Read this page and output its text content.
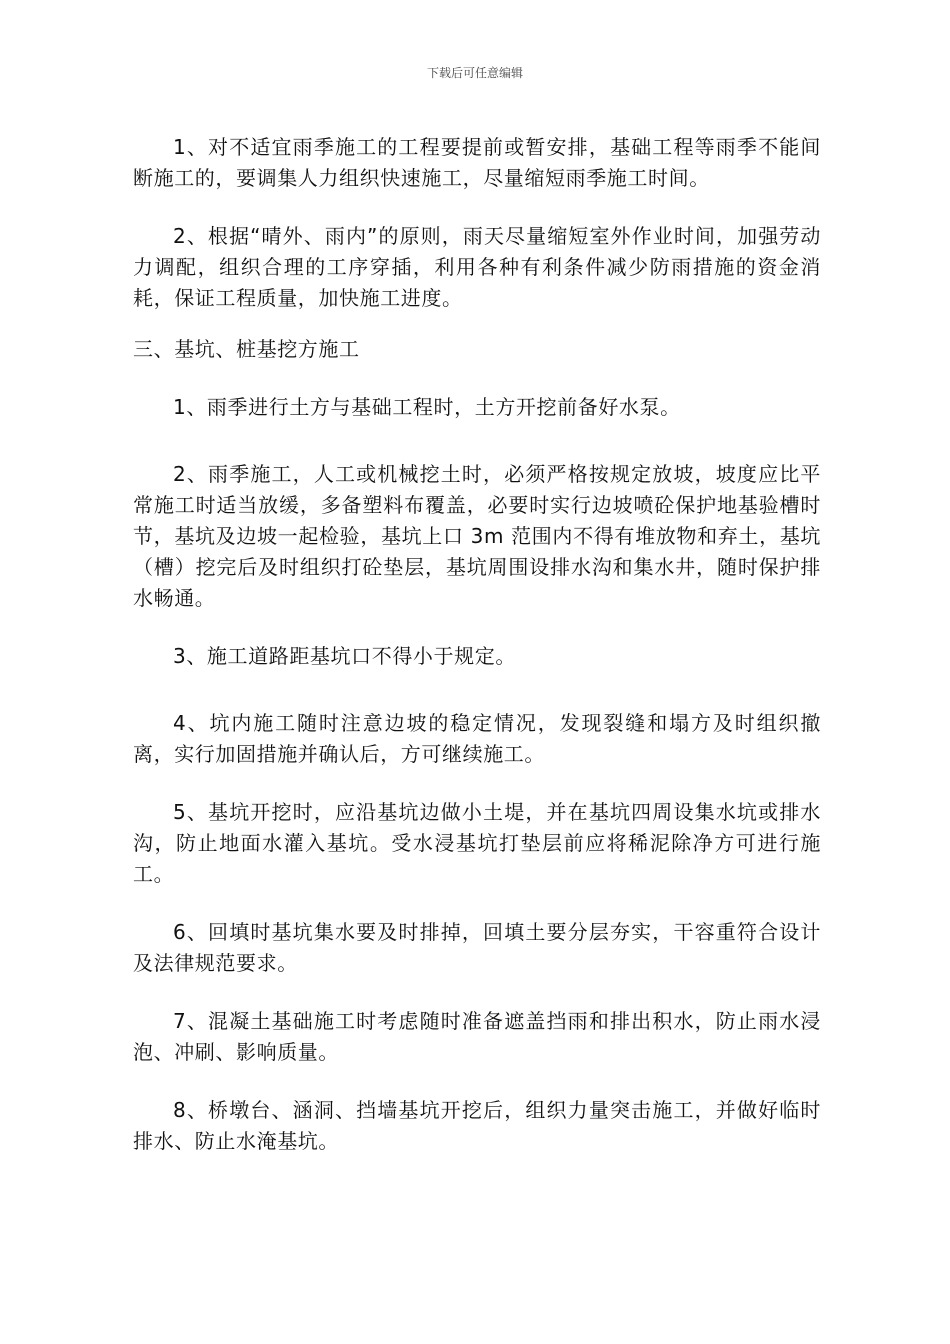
下载后可任意编辑

1、对不适宜雨季施工的工程要提前或暂安排，基础工程等雨季不能间断施工的，要调集人力组织快速施工，尽量缩短雨季施工时间。

2、根据“晴外、雨内”的原则，雨天尽量缩短室外作业时间，加强劳动力调配，组织合理的工序穿插，利用各种有利条件减少防雨措施的资金消耗，保证工程质量，加快施工进度。

三、基坑、桩基挖方施工

1、雨季进行土方与基础工程时，土方开挖前备好水泵。

2、雨季施工，人工或机械挖土时，必须严格按规定放坡，坡度应比平常施工时适当放缓，多备塑料布覆盖，必要时实行边坡喷砼保护地基验槽时节，基坑及边坡一起检验，基坑上口 3m 范围内不得有堆放物和弃土，基坑（槽）挖完后及时组织打砼垫层，基坑周围设排水沟和集水井，随时保护排水畅通。

3、施工道路距基坑口不得小于规定。

4、坑内施工随时注意边坡的稳定情况，发现裂缝和塌方及时组织撤离，实行加固措施并确认后，方可继续施工。

5、基坑开挖时，应沿基坑边做小土堤，并在基坑四周设集水坑或排水沟，防止地面水灌入基坑。受水浸基坑打垫层前应将稀泥除净方可进行施工。

6、回填时基坑集水要及时排掉，回填土要分层夯实，干容重符合设计及法律规范要求。

7、混凝土基础施工时考虑随时准备遮盖挡雨和排出积水，防止雨水浸泡、冲刷、影响质量。

8、桥墩台、涵洞、挡墙基坑开挖后，组织力量突击施工，并做好临时排水、防止水淹基坑。
